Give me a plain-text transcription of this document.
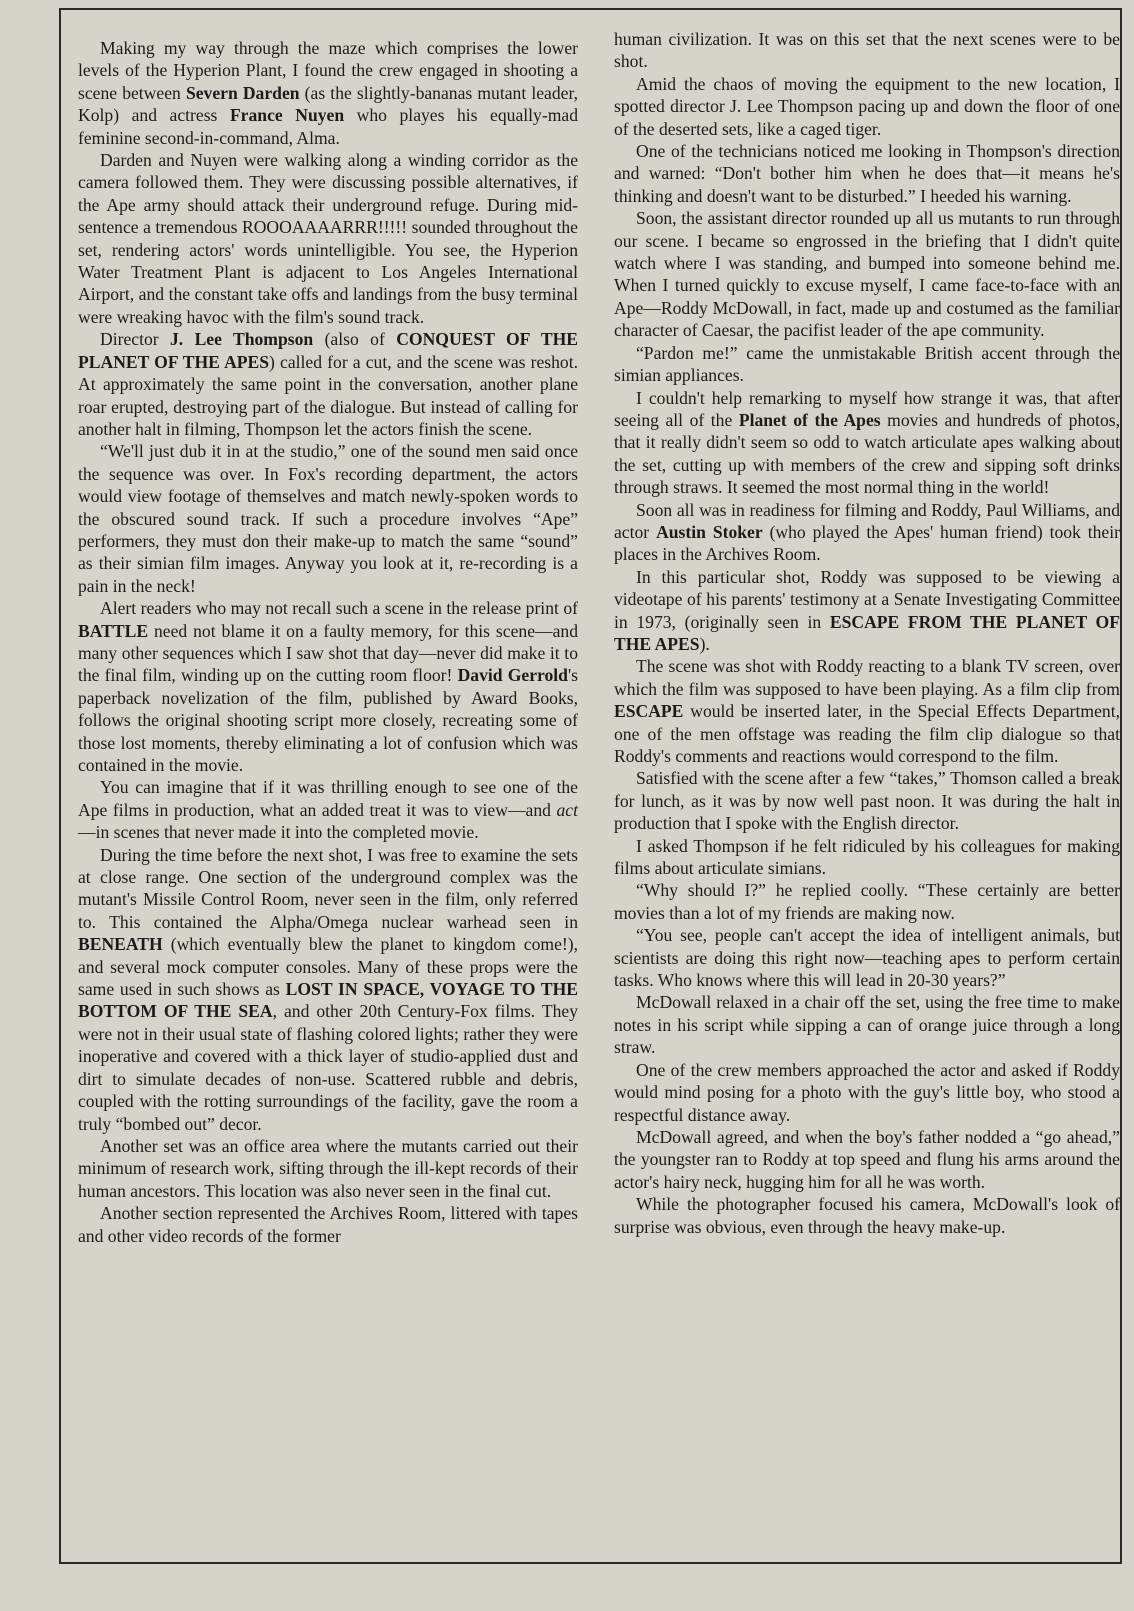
Making my way through the maze which comprises the lower levels of the Hyperion Plant, I found the crew engaged in shooting a scene between Severn Darden (as the slightly-bananas mutant leader, Kolp) and actress France Nuyen who playes his equally-mad feminine second-in-command, Alma.

Darden and Nuyen were walking along a winding corridor as the camera followed them. They were discussing possible alternatives, if the Ape army should attack their underground refuge. During mid-sentence a tremendous ROOOAAAARRR!!!!! sounded throughout the set, rendering actors' words unintelligible. You see, the Hyperion Water Treatment Plant is adjacent to Los Angeles International Airport, and the constant take offs and landings from the busy terminal were wreaking havoc with the film's sound track.

Director J. Lee Thompson (also of CONQUEST OF THE PLANET OF THE APES) called for a cut, and the scene was reshot. At approximately the same point in the conversation, another plane roar erupted, destroying part of the dialogue. But instead of calling for another halt in filming, Thompson let the actors finish the scene.

“We'll just dub it in at the studio,” one of the sound men said once the sequence was over. In Fox's recording department, the actors would view footage of themselves and match newly-spoken words to the obscured sound track. If such a procedure involves “Ape” performers, they must don their make-up to match the same “sound” as their simian film images. Anyway you look at it, re-recording is a pain in the neck!

Alert readers who may not recall such a scene in the release print of BATTLE need not blame it on a faulty memory, for this scene—and many other sequences which I saw shot that day—never did make it to the final film, winding up on the cutting room floor! David Gerrold's paperback novelization of the film, published by Award Books, follows the original shooting script more closely, recreating some of those lost moments, thereby eliminating a lot of confusion which was contained in the movie.

You can imagine that if it was thrilling enough to see one of the Ape films in production, what an added treat it was to view—and act—in scenes that never made it into the completed movie.

During the time before the next shot, I was free to examine the sets at close range. One section of the underground complex was the mutant's Missile Control Room, never seen in the film, only referred to. This contained the Alpha/Omega nuclear warhead seen in BENEATH (which eventually blew the planet to kingdom come!), and several mock computer consoles. Many of these props were the same used in such shows as LOST IN SPACE, VOYAGE TO THE BOTTOM OF THE SEA, and other 20th Century-Fox films. They were not in their usual state of flashing colored lights; rather they were inoperative and covered with a thick layer of studio-applied dust and dirt to simulate decades of non-use. Scattered rubble and debris, coupled with the rotting surroundings of the facility, gave the room a truly “bombed out” decor.

Another set was an office area where the mutants carried out their minimum of research work, sifting through the ill-kept records of their human ancestors. This location was also never seen in the final cut.

Another section represented the Archives Room, littered with tapes and other video records of the former

human civilization. It was on this set that the next scenes were to be shot.

Amid the chaos of moving the equipment to the new location, I spotted director J. Lee Thompson pacing up and down the floor of one of the deserted sets, like a caged tiger.

One of the technicians noticed me looking in Thompson's direction and warned: “Don't bother him when he does that—it means he's thinking and doesn't want to be disturbed.” I heeded his warning.

Soon, the assistant director rounded up all us mutants to run through our scene. I became so engrossed in the briefing that I didn't quite watch where I was standing, and bumped into someone behind me. When I turned quickly to excuse myself, I came face-to-face with an Ape—Roddy McDowall, in fact, made up and costumed as the familiar character of Caesar, the pacifist leader of the ape community.

“Pardon me!” came the unmistakable British accent through the simian appliances.

I couldn't help remarking to myself how strange it was, that after seeing all of the Planet of the Apes movies and hundreds of photos, that it really didn't seem so odd to watch articulate apes walking about the set, cutting up with members of the crew and sipping soft drinks through straws. It seemed the most normal thing in the world!

Soon all was in readiness for filming and Roddy, Paul Williams, and actor Austin Stoker (who played the Apes' human friend) took their places in the Archives Room.

In this particular shot, Roddy was supposed to be viewing a videotape of his parents' testimony at a Senate Investigating Committee in 1973, (originally seen in ESCAPE FROM THE PLANET OF THE APES).

The scene was shot with Roddy reacting to a blank TV screen, over which the film was supposed to have been playing. As a film clip from ESCAPE would be inserted later, in the Special Effects Department, one of the men offstage was reading the film clip dialogue so that Roddy's comments and reactions would correspond to the film.

Satisfied with the scene after a few “takes,” Thomson called a break for lunch, as it was by now well past noon. It was during the halt in production that I spoke with the English director.

I asked Thompson if he felt ridiculed by his colleagues for making films about articulate simians.

“Why should I?” he replied coolly. “These certainly are better movies than a lot of my friends are making now.

“You see, people can't accept the idea of intelligent animals, but scientists are doing this right now—teaching apes to perform certain tasks. Who knows where this will lead in 20-30 years?”

McDowall relaxed in a chair off the set, using the free time to make notes in his script while sipping a can of orange juice through a long straw.

One of the crew members approached the actor and asked if Roddy would mind posing for a photo with the guy's little boy, who stood a respectful distance away.

McDowall agreed, and when the boy's father nodded a “go ahead,” the youngster ran to Roddy at top speed and flung his arms around the actor's hairy neck, hugging him for all he was worth.

While the photographer focused his camera, McDowall's look of surprise was obvious, even through the heavy make-up.
